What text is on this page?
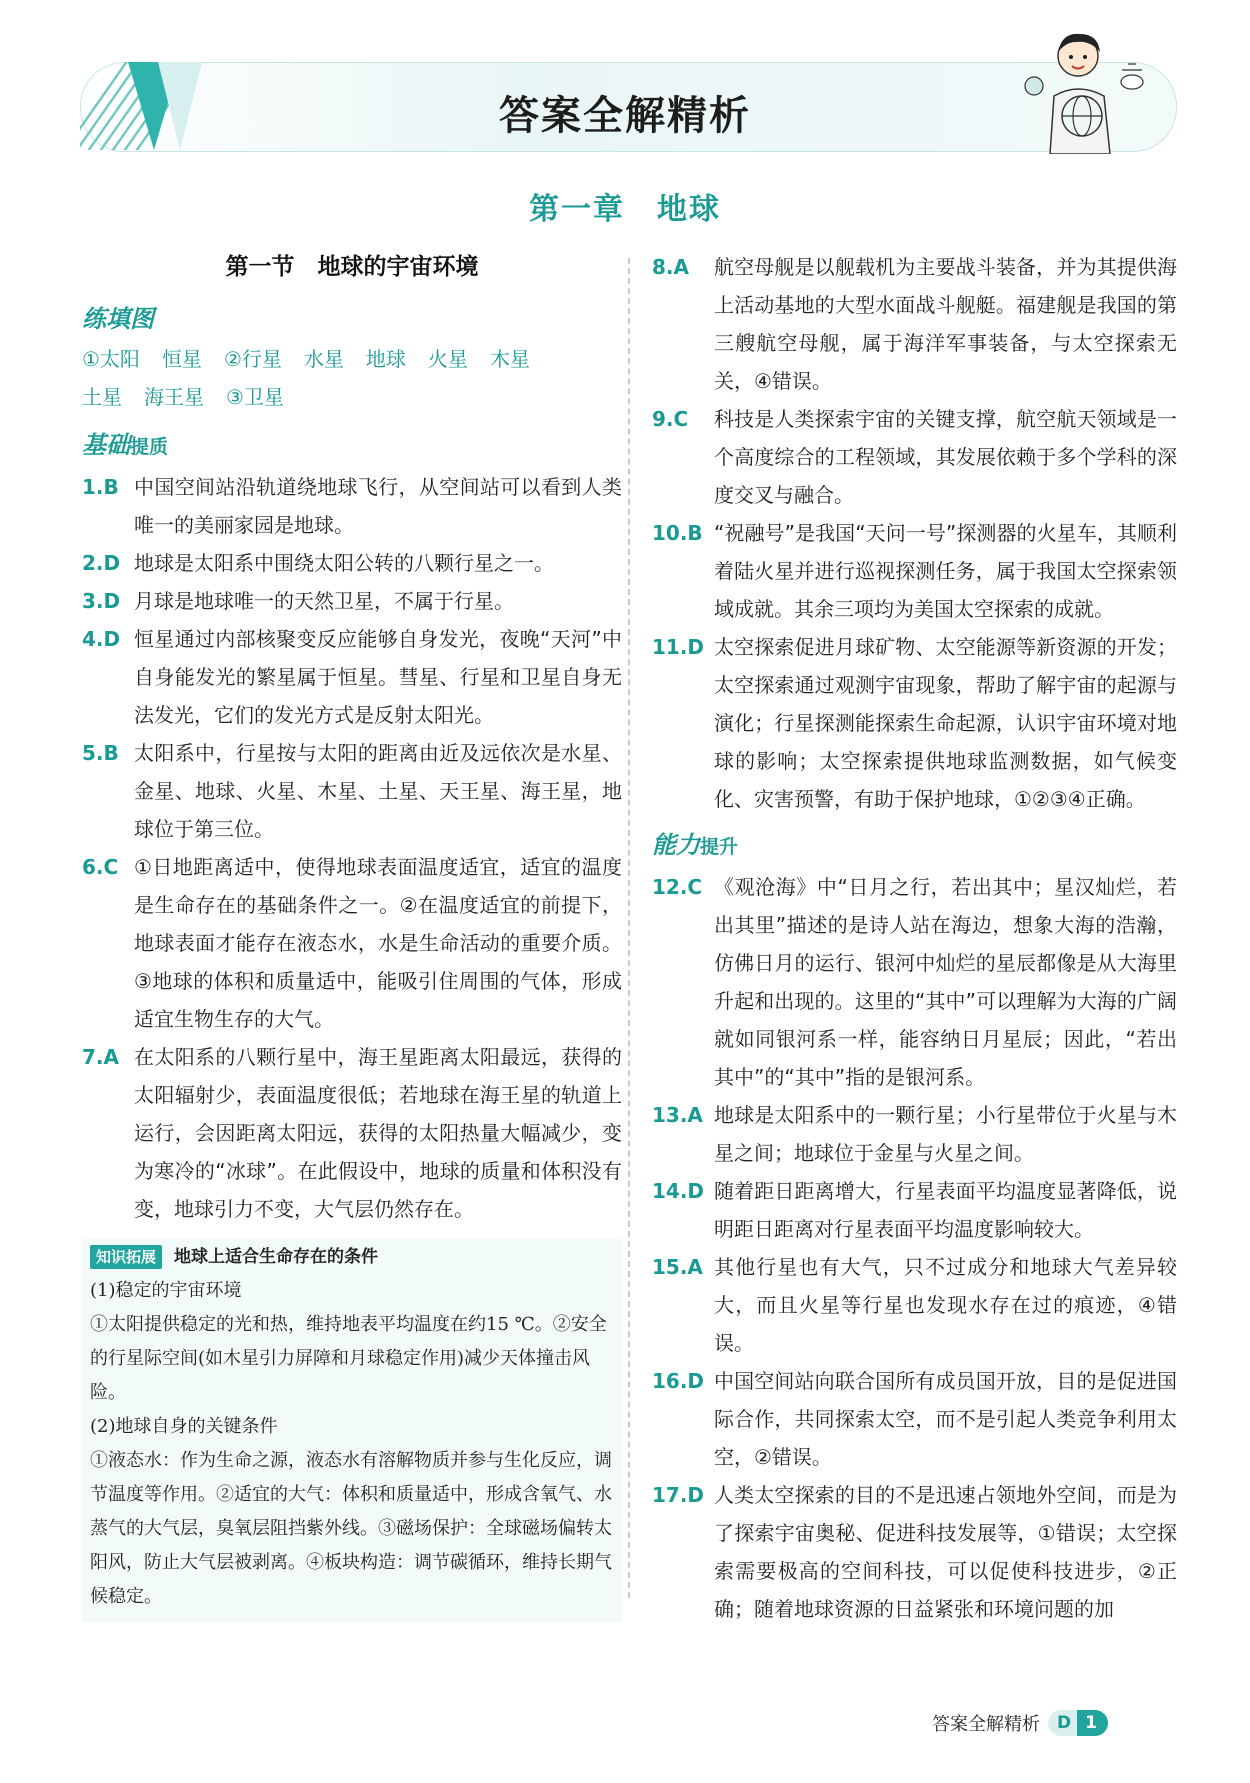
答案全解精析
第一章　地球
第一节　地球的宇宙环境
练填图
①太阳 恒星 ②行星 水星 地球 火星 木星
土星 海王星 ③卫星
基础提质
1.B 中国空间站沿轨道绕地球飞行，从空间站可以看到人类唯一的美丽家园是地球。
2.D 地球是太阳系中围绕太阳公转的八颗行星之一。
3.D 月球是地球唯一的天然卫星，不属于行星。
4.D 恒星通过内部核聚变反应能够自身发光，夜晚“天河”中自身能发光的繁星属于恒星。彗星、行星和卫星自身无法发光，它们的发光方式是反射太阳光。
5.B 太阳系中，行星按与太阳的距离由近及远依次是水星、金星、地球、火星、木星、土星、天王星、海王星，地球位于第三位。
6.C ①日地距离适中，使得地球表面温度适宜，适宜的温度是生命存在的基础条件之一。②在温度适宜的前提下，地球表面才能存在液态水，水是生命活动的重要介质。③地球的体积和质量适中，能吸引住周围的气体，形成适宜生物生存的大气。
7.A 在太阳系的八颗行星中，海王星距离太阳最远，获得的太阳辐射少，表面温度很低；若地球在海王星的轨道上运行，会因距离太阳远，获得的太阳热量大幅减少，变为寒冷的“冰球”。在此假设中，地球的质量和体积没有变，地球引力不变，大气层仍然存在。
知识拓展	地球上适合生命存在的条件
(1)稳定的宇宙环境
①太阳提供稳定的光和热，维持地表平均温度在约15 ℃。②安全的行星际空间(如木星引力屏障和月球稳定作用)减少天体撞击风险。
(2)地球自身的关键条件
①液态水：作为生命之源，液态水有溶解物质并参与生化反应，调节温度等作用。②适宜的大气：体积和质量适中，形成含氧气、水蒸气的大气层，臭氧层阻挡紫外线。③磁场保护：全球磁场偏转太阳风，防止大气层被剥离。④板块构造：调节碳循环，维持长期气候稳定。
8.A	航空母舰是以舰载机为主要战斗装备，并为其提供海上活动基地的大型水面战斗舰艇。福建舰是我国的第三艘航空母舰，属于海洋军事装备，与太空探索无关，④错误。
9.C	科技是人类探索宇宙的关键支撑，航空航天领域是一个高度综合的工程领域，其发展依赖于多个学科的深度交叉与融合。
10.B “祝融号”是我国“天问一号”探测器的火星车，其顺利着陆火星并进行巡视探测任务，属于我国太空探索领域成就。其余三项均为美国太空探索的成就。
11.D 太空探索促进月球矿物、太空能源等新资源的开发；太空探索通过观测宇宙现象，帮助了解宇宙的起源与演化；行星探测能探索生命起源，认识宇宙环境对地球的影响；太空探索提供地球监测数据，如气候变化、灾害预警，有助于保护地球，①②③④正确。
能力提升
12.C 《观沧海》中“日月之行，若出其中；星汉灿烂，若出其里”描述的是诗人站在海边，想象大海的浩瀚，仿佛日月的运行、银河中灿烂的星辰都像是从大海里升起和出现的。这里的“其中”可以理解为大海的广阔就如同银河系一样，能容纳日月星辰；因此，“若出其中”的“其中”指的是银河系。
13.A 地球是太阳系中的一颗行星；小行星带位于火星与木星之间；地球位于金星与火星之间。
14.D 随着距日距离增大，行星表面平均温度显著降低，说明距日距离对行星表面平均温度影响较大。
15.A 其他行星也有大气，只不过成分和地球大气差异较大，而且火星等行星也发现水存在过的痕迹，④错误。
16.D 中国空间站向联合国所有成员国开放，目的是促进国际合作，共同探索太空，而不是引起人类竞争利用太空，②错误。
17.D 人类太空探索的目的不是迅速占领地外空间，而是为了探索宇宙奥秘、促进科技发展等，①错误；太空探索需要极高的空间科技，可以促使科技进步，②正确；随着地球资源的日益紧张和环境问题的加
答案全解精析	D 1
